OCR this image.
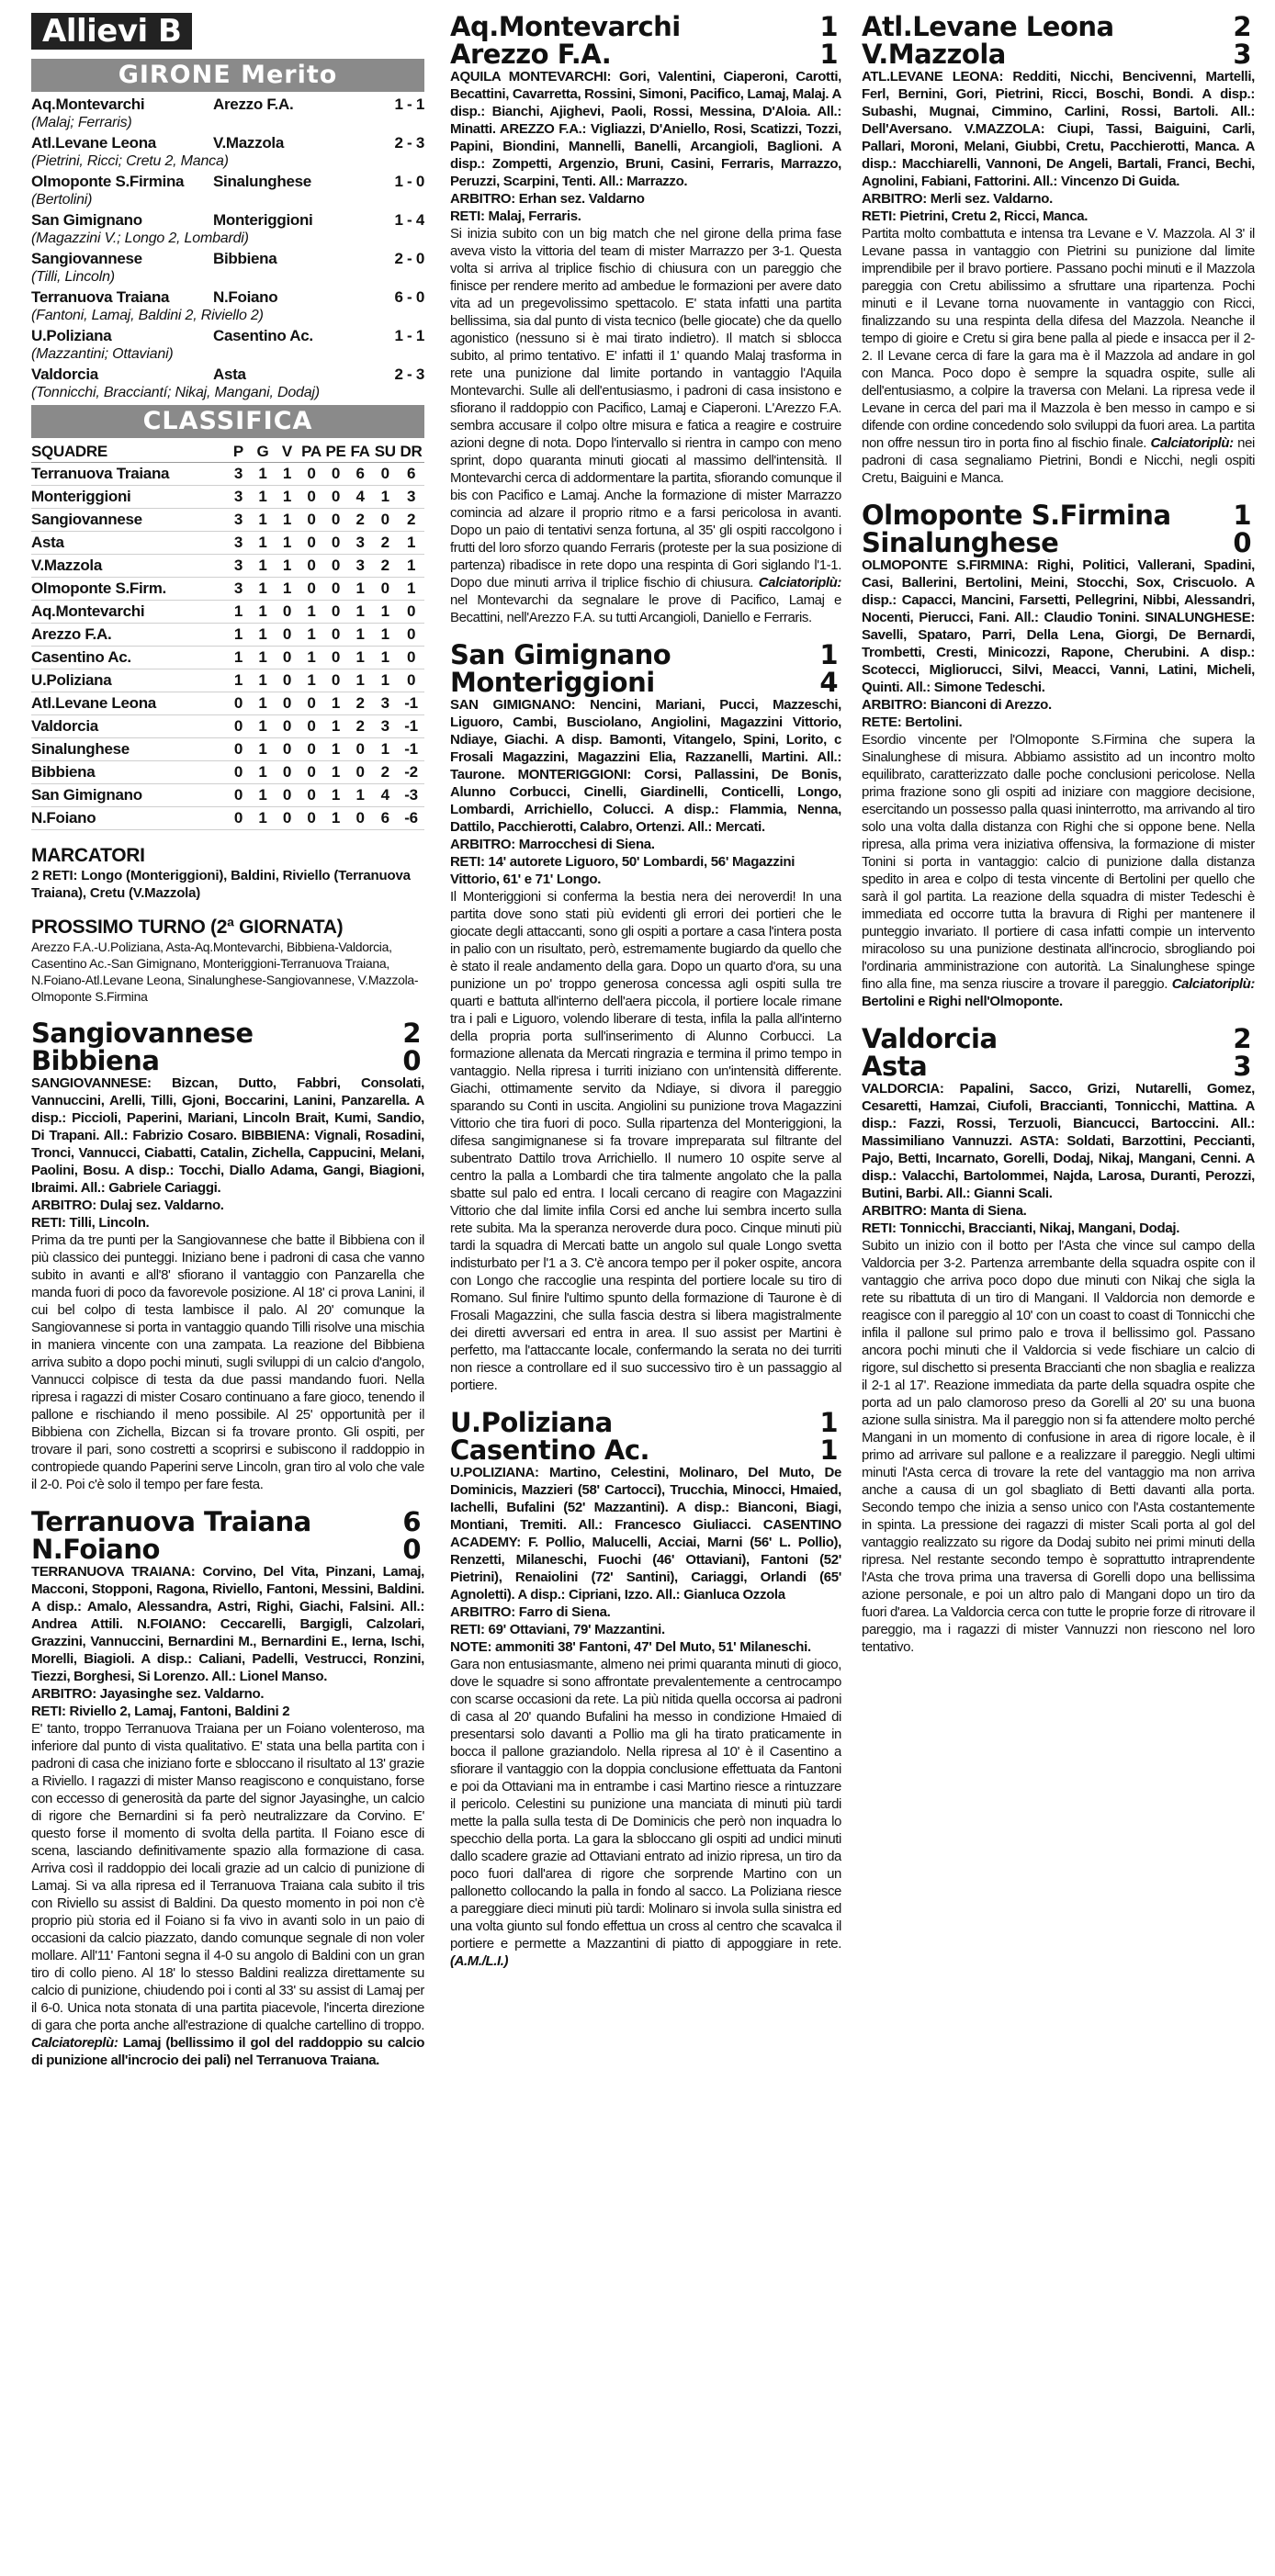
Allievi B
GIRONE Merito
Aq.Montevarchi	Arezzo F.A.	1 - 1
(Malaj; Ferraris)
Atl.Levane Leona	V.Mazzola	2 - 3
(Pietrini, Ricci; Cretu 2, Manca)
Olmoponte S.Firmina	Sinalunghese	1 - 0
(Bertolini)
San Gimignano	Monteriggioni	1 - 4
(Magazzini V.; Longo 2, Lombardi)
Sangiovannese	Bibbiena	2 - 0
(Tilli, Lincoln)
Terranuova Traiana	N.Foiano	6 - 0
(Fantoni, Lamaj, Baldini 2, Riviello 2)
U.Poliziana	Casentino Ac.	1 - 1
(Mazzantini; Ottaviani)
Valdorcia	Asta	2 - 3
(Tonnicchi, Bracciantí; Nikaj, Mangani, Dodaj)
CLASSIFICA
SQUADRE	P	G	V	PA	PE	FA	SU	DR
Terranuova Traiana	3	1	1	0	0	6	0	6
Monteriggioni	3	1	1	0	0	4	1	3
Sangiovannese	3	1	1	0	0	2	0	2
Asta	3	1	1	0	0	3	2	1
V.Mazzola	3	1	1	0	0	3	2	1
Olmoponte S.Firm.	3	1	1	0	0	1	0	1
Aq.Montevarchi	1	1	0	1	0	1	1	0
Arezzo F.A.	1	1	0	1	0	1	1	0
Casentino Ac.	1	1	0	1	0	1	1	0
U.Poliziana	1	1	0	1	0	1	1	0
Atl.Levane Leona	0	1	0	0	1	2	3	-1
Valdorcia	0	1	0	0	1	2	3	-1
Sinalunghese	0	1	0	0	1	0	1	-1
Bibbiena	0	1	0	0	1	0	2	-2
San Gimignano	0	1	0	0	1	1	4	-3
N.Foiano	0	1	0	0	1	0	6	-6
MARCATORI
2 RETI: Longo (Monteriggioni), Baldini, Riviello (Terranuova Traiana), Cretu (V.Mazzola)
PROSSIMO TURNO (2ª GIORNATA)
Arezzo F.A.-U.Poliziana, Asta-Aq.Montevarchi, Bibbiena-Valdorcia, Casentino Ac.-San Gimignano, Monteriggioni-Terranuova Traiana, N.Foiano-Atl.Levane Leona, Sinalunghese-Sangiovannese, V.Mazzola-Olmoponte S.Firmina
Sangiovannese	2
Bibbiena	0
SANGIOVANNESE: Bizcan, Dutto, Fabbri, Consolati, Vannuccini, Arelli, Tilli, Gjoni, Boccarini, Lanini, Panzarella. A disp.: Piccioli, Paperini, Mariani, Lincoln Brait, Kumi, Sandio, Di Trapani. All.: Fabrizio Cosaro. BIBBIENA: Vignali, Rosadini, Tronci, Vannucci, Ciabatti, Catalin, Zichella, Cappucini, Melani, Paolini, Bosu. A disp.: Tocchi, Diallo Adama, Gangi, Biagioni, Ibraimi. All.: Gabriele Cariaggi.
ARBITRO: Dulaj sez. Valdarno.
RETI: Tilli, Lincoln.
Prima da tre punti per la Sangiovannese che batte il Bibbiena con il più classico dei punteggi. Iniziano bene i padroni di casa che vanno subito in avanti e all'8' sfiorano il vantaggio con Panzarella che manda fuori di poco da favorevole posizione. Al 18' ci prova Lanini, il cui bel colpo di testa lambisce il palo. Al 20' comunque la Sangiovannese si porta in vantaggio quando Tilli risolve una mischia in maniera vincente con una zampata. La reazione del Bibbiena arriva subito a dopo pochi minuti, sugli sviluppi di un calcio d'angolo, Vannucci colpisce di testa da due passi mandando fuori. Nella ripresa i ragazzi di mister Cosaro continuano a fare gioco, tenendo il pallone e rischiando il meno possibile. Al 25' opportunità per il Bibbiena con Zichella, Bizcan si fa trovare pronto. Gli ospiti, per trovare il pari, sono costretti a scoprirsi e subiscono il raddoppio in contropiede quando Paperini serve Lincoln, gran tiro al volo che vale il 2-0. Poi c'è solo il tempo per fare festa.
Terranuova Traiana	6
N.Foiano	0
TERRANUOVA TRAIANA: Corvino, Del Vita, Pinzani, Lamaj, Macconi, Stopponi, Ragona, Riviello, Fantoni, Messini, Baldini. A disp.: Amalo, Alessandra, Astri, Righi, Giachi, Falsini. All.: Andrea Attili. N.FOIANO: Ceccarelli, Bargigli, Calzolari, Grazzini, Vannuccini, Bernardini M., Bernardini E., Ierna, Ischi, Morelli, Biagioli. A disp.: Caliani, Padelli, Vestrucci, Ronzini, Tiezzi, Borghesi, Si Lorenzo. All.: Lionel Manso.
ARBITRO: Jayasinghe sez. Valdarno.
RETI: Riviello 2, Lamaj, Fantoni, Baldini 2
E' tanto, troppo Terranuova Traiana per un Foiano volenteroso, ma inferiore dal punto di vista qualitativo. E' stata una bella partita con i padroni di casa che iniziano forte e sbloccano il risultato al 13' grazie a Riviello. I ragazzi di mister Manso reagiscono e conquistano, forse con eccesso di generosità da parte del signor Jayasinghe, un calcio di rigore che Bernardini si fa però neutralizzare da Corvino. E' questo forse il momento di svolta della partita. Il Foiano esce di scena, lasciando definitivamente spazio alla formazione di casa. Arriva così il raddoppio dei locali grazie ad un calcio di punizione di Lamaj. Si va alla ripresa ed il Terranuova Traiana cala subito il tris con Riviello su assist di Baldini. Da questo momento in poi non c'è proprio più storia ed il Foiano si fa vivo in avanti solo in un paio di occasioni da calcio piazzato, dando comunque segnale di non voler mollare. All'11' Fantoni segna il 4-0 su angolo di Baldini con un gran tiro di collo pieno. Al 18' lo stesso Baldini realizza direttamente su calcio di punizione, chiudendo poi i conti al 33' su assist di Lamaj per il 6-0. Unica nota stonata di una partita piacevole, l'incerta direzione di gara che porta anche all'estrazione di qualche cartellino di troppo. Calciatoreplù: Lamaj (bellissimo il gol del raddoppio su calcio di punizione all'incrocio dei pali) nel Terranuova Traiana.
Aq.Montevarchi	1
Arezzo F.A.	1
AQUILA MONTEVARCHI: Gori, Valentini, Ciaperoni, Carotti, Becattini, Cavarretta, Rossini, Simoni, Pacifico, Lamaj, Malaj. A disp.: Bianchi, Ajighevi, Paoli, Rossi, Messina, D'Aloia. All.: Minatti. AREZZO F.A.: Vigliazzi, D'Aniello, Rosi, Scatizzi, Tozzi, Papini, Biondini, Mannelli, Banelli, Arcangioli, Baglioni. A disp.: Zompetti, Argenzio, Bruni, Casini, Ferraris, Marrazzo, Peruzzi, Scarpini, Tenti. All.: Marrazzo.
ARBITRO: Erhan sez. Valdarno
RETI: Malaj, Ferraris.
Si inizia subito con un big match che nel girone della prima fase aveva visto la vittoria del team di mister Marrazzo per 3-1. Questa volta si arriva al triplice fischio di chiusura con un pareggio che finisce per rendere merito ad ambedue le formazioni per avere dato vita ad un pregevolissimo spettacolo. E' stata infatti una partita bellissima, sia dal punto di vista tecnico (belle giocate) che da quello agonistico (nessuno si è mai tirato indietro). Il match si sblocca subito, al primo tentativo. E' infatti il 1' quando Malaj trasforma in rete una punizione dal limite portando in vantaggio l'Aquila Montevarchi. Sulle ali dell'entusiasmo, i padroni di casa insistono e sfiorano il raddoppio con Pacifico, Lamaj e Ciaperoni. L'Arezzo F.A. sembra accusare il colpo oltre misura e fatica a reagire e costruire azioni degne di nota. Dopo l'intervallo si rientra in campo con meno sprint, dopo quaranta minuti giocati al massimo dell'intensità. Il Montevarchi cerca di addormentare la partita, sfiorando comunque il bis con Pacifico e Lamaj. Anche la formazione di mister Marrazzo comincia ad alzare il proprio ritmo e a farsi pericolosa in avanti. Dopo un paio di tentativi senza fortuna, al 35' gli ospiti raccolgono i frutti del loro sforzo quando Ferraris (proteste per la sua posizione di partenza) ribadisce in rete dopo una respinta di Gori siglando l'1-1. Dopo due minuti arriva il triplice fischio di chiusura. Calciatoriplù: nel Montevarchi da segnalare le prove di Pacifico, Lamaj e Becattini, nell'Arezzo F.A. su tutti Arcangioli, Daniello e Ferraris.
San Gimignano	1
Monteriggioni	4
SAN GIMIGNANO: Nencini, Mariani, Pucci, Mazzeschi, Liguoro, Cambi, Busciolano, Angiolini, Magazzini Vittorio, Ndiaye, Giachi. A disp. Bamonti, Vitangelo, Spini, Lorito, c Frosali Magazzini, Magazzini Elia, Razzanelli, Martini. All.: Taurone. MONTERIGGIONI: Corsi, Pallassini, De Bonis, Alunno Corbucci, Cinelli, Giardinelli, Conticelli, Longo, Lombardi, Arrichiello, Colucci. A disp.: Flammia, Nenna, Dattilo, Pacchierotti, Calabro, Ortenzi. All.: Mercati.
ARBITRO: Marrocchesi di Siena.
RETI: 14' autorete Liguoro, 50' Lombardi, 56' Magazzini Vittorio, 61' e 71' Longo.
Il Monteriggioni si conferma la bestia nera dei neroverdi! In una partita dove sono stati più evidenti gli errori dei portieri che le giocate degli attaccanti, sono gli ospiti a portare a casa l'intera posta in palio con un risultato, però, estremamente bugiardo da quello che è stato il reale andamento della gara. Dopo un quarto d'ora, su una punizione un po' troppo generosa concessa agli ospiti sulla tre quarti e battuta all'interno dell'aera piccola, il portiere locale rimane tra i pali e Liguoro, volendo liberare di testa, infila la palla all'interno della propria porta sull'inserimento di Alunno Corbucci. La formazione allenata da Mercati ringrazia e termina il primo tempo in vantaggio. Nella ripresa i turriti iniziano con un'intensità differente. Giachi, ottimamente servito da Ndiaye, si divora il pareggio sparando su Conti in uscita. Angiolini su punizione trova Magazzini Vittorio che tira fuori di poco. Sulla ripartenza del Monteriggioni, la difesa sangimignanese si fa trovare impreparata sul filtrante del subentrato Dattilo trova Arrichiello. Il numero 10 ospite serve al centro la palla a Lombardi che tira talmente angolato che la palla sbatte sul palo ed entra. I locali cercano di reagire con Magazzini Vittorio che dal limite infila Corsi ed anche lui sembra incerto sulla rete subita. Ma la speranza neroverde dura poco. Cinque minuti più tardi la squadra di Mercati batte un angolo sul quale Longo svetta indisturbato per l'1 a 3. C'è ancora tempo per il poker ospite, ancora con Longo che raccoglie una respinta del portiere locale su tiro di Romano. Sul finire l'ultimo spunto della formazione di Taurone è di Frosali Magazzini, che sulla fascia destra si libera magistralmente dei diretti avversari ed entra in area. Il suo assist per Martini è perfetto, ma l'attaccante locale, confermando la serata no dei turriti non riesce a controllare ed il suo successivo tiro è un passaggio al portiere.
U.Poliziana	1
Casentino Ac.	1
U.POLIZIANA: Martino, Celestini, Molinaro, Del Muto, De Dominicis, Mazzieri (58' Cartocci), Trucchia, Minocci, Hmaied, Iachelli, Bufalini (52' Mazzantini). A disp.: Bianconi, Biagi, Montiani, Tremiti. All.: Francesco Giuliacci. CASENTINO ACADEMY: F. Pollio, Malucelli, Acciai, Marni (56' L. Pollio), Renzetti, Milaneschi, Fuochi (46' Ottaviani), Fantoni (52' Pietrini), Renaiolini (72' Santini), Cariaggi, Orlandi (65' Agnoletti). A disp.: Cipriani, Izzo. All.: Gianluca Ozzola
ARBITRO: Farro di Siena.
RETI: 69' Ottaviani, 79' Mazzantini.
NOTE: ammoniti 38' Fantoni, 47' Del Muto, 51' Milaneschi.
Gara non entusiasmante, almeno nei primi quaranta minuti di gioco, dove le squadre si sono affrontate prevalentemente a centrocampo con scarse occasioni da rete. La più nitida quella occorsa ai padroni di casa al 20' quando Bufalini ha messo in condizione Hmaied di presentarsi solo davanti a Pollio ma gli ha tirato praticamente in bocca il pallone graziandolo. Nella ripresa al 10' è il Casentino a sfiorare il vantaggio con la doppia conclusione effettuata da Fantoni e poi da Ottaviani ma in entrambe i casi Martino riesce a rintuzzare il pericolo. Celestini su punizione una manciata di minuti più tardi mette la palla sulla testa di De Dominicis che però non inquadra lo specchio della porta. La gara la sbloccano gli ospiti ad undici minuti dallo scadere grazie ad Ottaviani entrato ad inizio ripresa, un tiro da poco fuori dall'area di rigore che sorprende Martino con un pallonetto collocando la palla in fondo al sacco. La Poliziana riesce a pareggiare dieci minuti più tardi: Molinaro si invola sulla sinistra ed una volta giunto sul fondo effettua un cross al centro che scavalca il portiere e permette a Mazzantini di piatto di appoggiare in rete. (A.M./L.I.)
Atl.Levane Leona	2
V.Mazzola	3
ATL.LEVANE LEONA: Redditi, Nicchi, Bencivenni, Martelli, Ferl, Bernini, Gori, Pietrini, Ricci, Boschi, Bondi. A disp.: Subashi, Mugnai, Cimmino, Carlini, Rossi, Bartoli. All.: Dell'Aversano. V.MAZZOLA: Ciupi, Tassi, Baiguini, Carli, Pallari, Moroni, Melani, Giubbi, Cretu, Pacchierotti, Manca. A disp.: Macchiarelli, Vannoni, De Angeli, Bartali, Franci, Bechi, Agnolini, Fabiani, Fattorini. All.: Vincenzo Di Guida.
ARBITRO: Merli sez. Valdarno.
RETI: Pietrini, Cretu 2, Ricci, Manca.
Partita molto combattuta e intensa tra Levane e V. Mazzola. Al 3' il Levane passa in vantaggio con Pietrini su punizione dal limite imprendibile per il bravo portiere. Passano pochi minuti e il Mazzola pareggia con Cretu abilissimo a sfruttare una ripartenza. Pochi minuti e il Levane torna nuovamente in vantaggio con Ricci, finalizzando su una respinta della difesa del Mazzola. Neanche il tempo di gioire e Cretu si gira bene palla al piede e insacca per il 2-2. Il Levane cerca di fare la gara ma è il Mazzola ad andare in gol con Manca. Poco dopo è sempre la squadra ospite, sulle ali dell'entusiasmo, a colpire la traversa con Melani. La ripresa vede il Levane in cerca del pari ma il Mazzola è ben messo in campo e si difende con ordine concedendo solo sviluppi da fuori area. La partita non offre nessun tiro in porta fino al fischio finale. Calciatoriplù: nei padroni di casa segnaliamo Pietrini, Bondi e Nicchi, negli ospiti Cretu, Baiguini e Manca.
Olmoponte S.Firmina 1
Sinalunghese	0
OLMOPONTE S.FIRMINA: Righi, Politici, Vallerani, Spadini, Casi, Ballerini, Bertolini, Meini, Stocchi, Sox, Criscuolo. A disp.: Capacci, Mancini, Farsetti, Pellegrini, Nibbi, Alessandri, Nocenti, Pierucci, Fani. All.: Claudio Tonini. SINALUNGHESE: Savelli, Spataro, Parri, Della Lena, Giorgi, De Bernardi, Trombetti, Cresti, Minicozzi, Rapone, Cherubini. A disp.: Scotecci, Migliorucci, Silvi, Meacci, Vanni, Latini, Micheli, Quinti. All.: Simone Tedeschi.
ARBITRO: Bianconi di Arezzo.
RETE: Bertolini.
Esordio vincente per l'Olmoponte S.Firmina che supera la Sinalunghese di misura. Abbiamo assistito ad un incontro molto equilibrato, caratterizzato dalle poche conclusioni pericolose. Nella prima frazione sono gli ospiti ad iniziare con maggiore decisione, esercitando un possesso palla quasi ininterrotto, ma arrivando al tiro solo una volta dalla distanza con Righi che si oppone bene. Nella ripresa, alla prima vera iniziativa offensiva, la formazione di mister Tonini si porta in vantaggio: calcio di punizione dalla distanza spedito in area e colpo di testa vincente di Bertolini per quello che sarà il gol partita. La reazione della squadra di mister Tedeschi è immediata ed occorre tutta la bravura di Righi per mantenere il punteggio invariato. Il portiere di casa infatti compie un intervento miracoloso su una punizione destinata all'incrocio, sbrogliando poi l'ordinaria amministrazione con autorità. La Sinalunghese spinge fino alla fine, ma senza riuscire a trovare il pareggio. Calciatoriplù: Bertolini e Righi nell'Olmoponte.
Valdorcia	2
Asta	3
VALDORCIA: Papalini, Sacco, Grizi, Nutarelli, Gomez, Cesaretti, Hamzai, Ciufoli, Braccianti, Tonnicchi, Mattina. A disp.: Fazzi, Rossi, Terzuoli, Biancucci, Bartoccini. All.: Massimiliano Vannuzzi. ASTA: Soldati, Barzottini, Peccianti, Pajo, Betti, Incarnato, Gorelli, Dodaj, Nikaj, Mangani, Cenni. A disp.: Valacchi, Bartolommei, Najda, Larosa, Duranti, Perozzi, Butini, Barbi. All.: Gianni Scali.
ARBITRO: Manta di Siena.
RETI: Tonnicchi, Braccianti, Nikaj, Mangani, Dodaj.
Subito un inizio con il botto per l'Asta che vince sul campo della Valdorcia per 3-2. Partenza arrembante della squadra ospite con il vantaggio che arriva poco dopo due minuti con Nikaj che sigla la rete su ribattuta di un tiro di Mangani. Il Valdorcia non demorde e reagisce con il pareggio al 10' con un coast to coast di Tonnicchi che infila il pallone sul primo palo e trova il bellissimo gol. Passano ancora pochi minuti che il Valdorcia si vede fischiare un calcio di rigore, sul dischetto si presenta Braccianti che non sbaglia e realizza il 2-1 al 17'. Reazione immediata da parte della squadra ospite che porta ad un palo clamoroso preso da Gorelli al 20' su una buona azione sulla sinistra. Ma il pareggio non si fa attendere molto perché Mangani in un momento di confusione in area di rigore locale, è il primo ad arrivare sul pallone e a realizzare il pareggio. Negli ultimi minuti l'Asta cerca di trovare la rete del vantaggio ma non arriva anche a causa di un gol sbagliato di Betti davanti alla porta. Secondo tempo che inizia a senso unico con l'Asta costantemente in spinta. La pressione dei ragazzi di mister Scali porta al gol del vantaggio realizzato su rigore da Dodaj subito nei primi minuti della ripresa. Nel restante secondo tempo è soprattutto intraprendente l'Asta che trova prima una traversa di Gorelli dopo una bellissima azione personale, e poi un altro palo di Mangani dopo un tiro da fuori d'area. La Valdorcia cerca con tutte le proprie forze di ritrovare il pareggio, ma i ragazzi di mister Vannuzzi non riescono nel loro tentativo.
